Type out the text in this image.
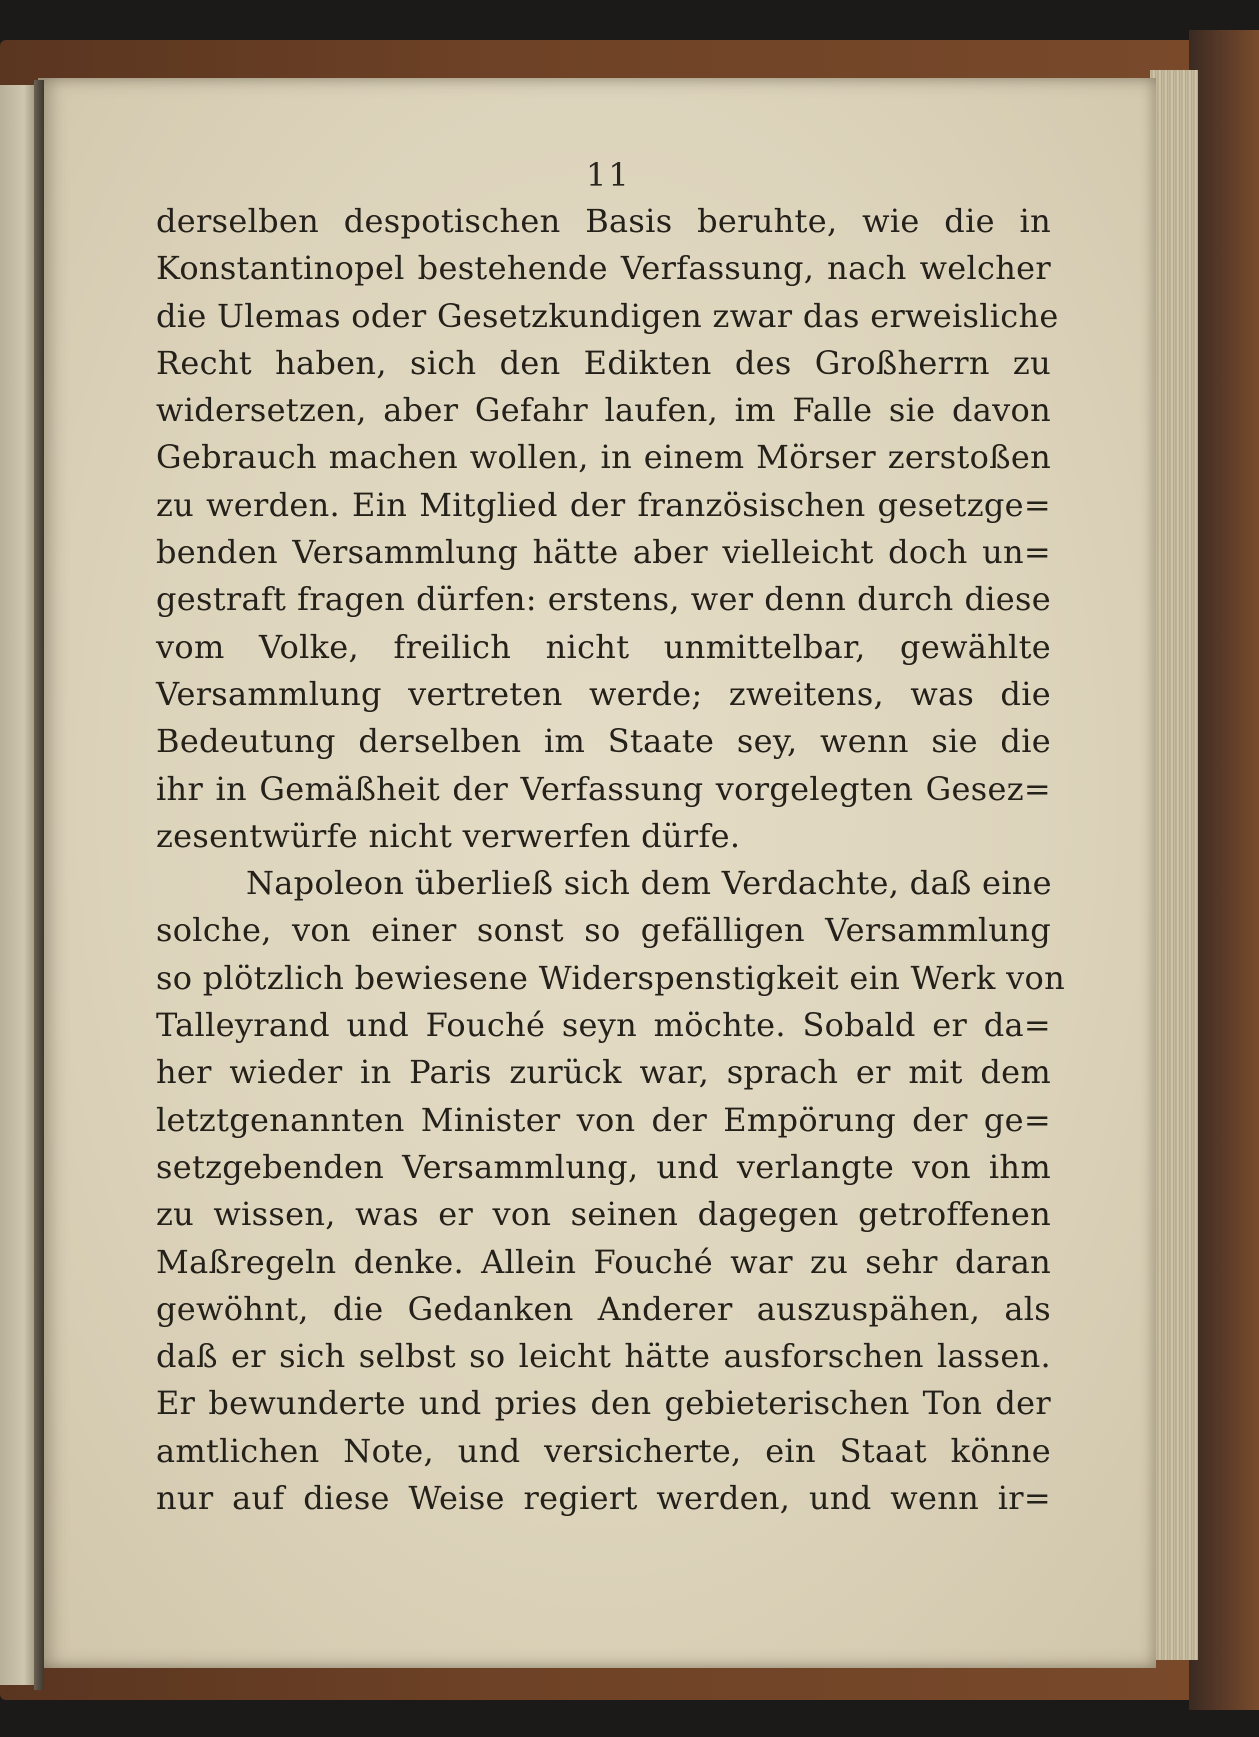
11
derselben despotischen Basis beruhte, wie die in
Konstantinopel bestehende Verfassung, nach welcher
die Ulemas oder Gesetzkundigen zwar das erweisliche
Recht haben, sich den Edikten des Großherrn zu
widersetzen, aber Gefahr laufen, im Falle sie davon
Gebrauch machen wollen, in einem Mörser zerstoßen
zu werden. Ein Mitglied der französischen gesetzge=
benden Versammlung hätte aber vielleicht doch un=
gestraft fragen dürfen: erstens, wer denn durch diese
vom Volke, freilich nicht unmittelbar, gewählte
Versammlung vertreten werde; zweitens, was die
Bedeutung derselben im Staate sey, wenn sie die
ihr in Gemäßheit der Verfassung vorgelegten Gesez=
zesentwürfe nicht verwerfen dürfe.
Napoleon überließ sich dem Verdachte, daß eine
solche, von einer sonst so gefälligen Versammlung
so plötzlich bewiesene Widerspenstigkeit ein Werk von
Talleyrand und Fouché seyn möchte. Sobald er da=
her wieder in Paris zurück war, sprach er mit dem
letztgenannten Minister von der Empörung der ge=
setzgebenden Versammlung, und verlangte von ihm
zu wissen, was er von seinen dagegen getroffenen
Maßregeln denke. Allein Fouché war zu sehr daran
gewöhnt, die Gedanken Anderer auszuspähen, als
daß er sich selbst so leicht hätte ausforschen lassen.
Er bewunderte und pries den gebieterischen Ton der
amtlichen Note, und versicherte, ein Staat könne
nur auf diese Weise regiert werden, und wenn ir=
